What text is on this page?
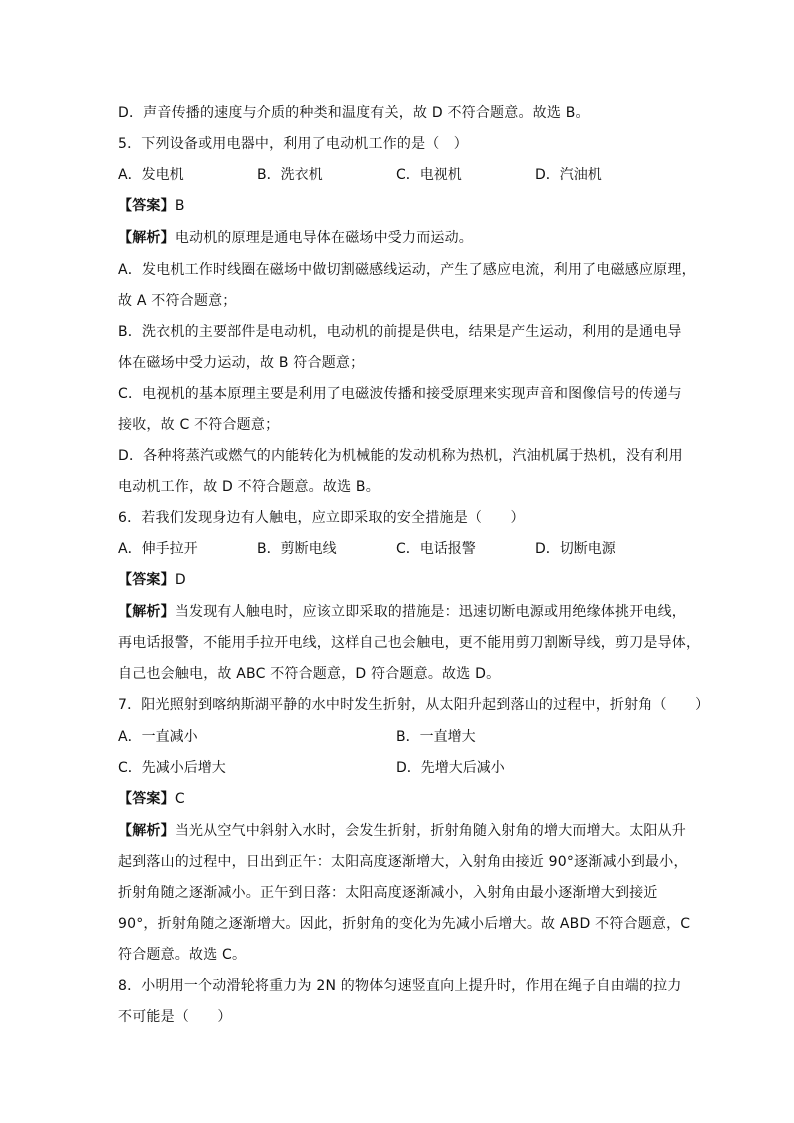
D．声音传播的速度与介质的种类和温度有关，故 D 不符合题意。故选 B。
5．下列设备或用电器中，利用了电动机工作的是（　）
A．发电机	B．洗衣机	C．电视机	D．汽油机
【答案】B
【解析】电动机的原理是通电导体在磁场中受力而运动。
A．发电机工作时线圈在磁场中做切割磁感线运动，产生了感应电流，利用了电磁感应原理，
故 A 不符合题意；
B．洗衣机的主要部件是电动机，电动机的前提是供电，结果是产生运动，利用的是通电导
体在磁场中受力运动，故 B 符合题意；
C．电视机的基本原理主要是利用了电磁波传播和接受原理来实现声音和图像信号的传递与
接收，故 C 不符合题意；
D．各种将蒸汽或燃气的内能转化为机械能的发动机称为热机，汽油机属于热机，没有利用
电动机工作，故 D 不符合题意。故选 B。
6．若我们发现身边有人触电，应立即采取的安全措施是（　　）
A．伸手拉开	B．剪断电线	C．电话报警	D．切断电源
【答案】D
【解析】当发现有人触电时，应该立即采取的措施是：迅速切断电源或用绝缘体挑开电线，
再电话报警，不能用手拉开电线，这样自己也会触电，更不能用剪刀割断导线，剪刀是导体，
自己也会触电，故 ABC 不符合题意，D 符合题意。故选 D。
7．阳光照射到喀纳斯湖平静的水中时发生折射，从太阳升起到落山的过程中，折射角（　　）
A．一直减小	B．一直增大
C．先减小后增大	D．先增大后减小
【答案】C
【解析】当光从空气中斜射入水时，会发生折射，折射角随入射角的增大而增大。太阳从升
起到落山的过程中，日出到正午：太阳高度逐渐增大，入射角由接近 90°逐渐减小到最小，
折射角随之逐渐减小。正午到日落：太阳高度逐渐减小，入射角由最小逐渐增大到接近
90°，折射角随之逐渐增大。因此，折射角的变化为先减小后增大。故 ABD 不符合题意，C
符合题意。故选 C。
8．小明用一个动滑轮将重力为 2N 的物体匀速竖直向上提升时，作用在绳子自由端的拉力
不可能是（　　）
